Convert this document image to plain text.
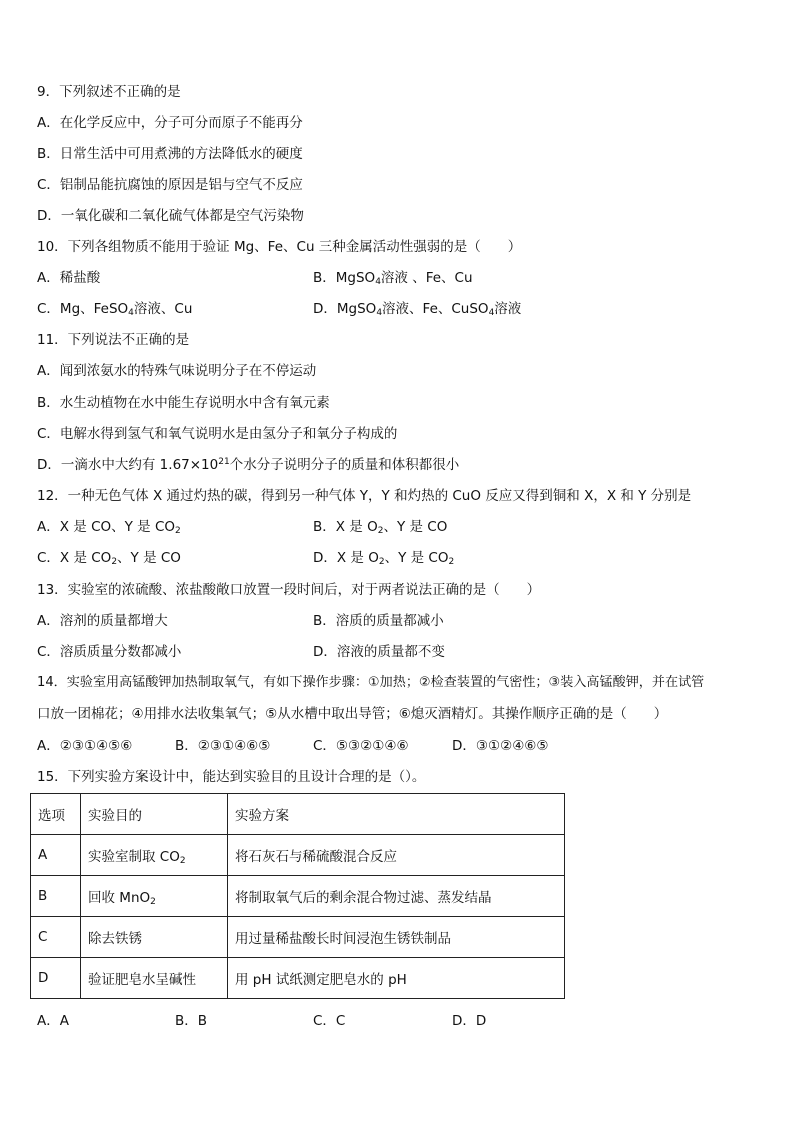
9．下列叙述不正确的是
A．在化学反应中，分子可分而原子不能再分
B．日常生活中可用煮沸的方法降低水的硬度
C．铝制品能抗腐蚀的原因是铝与空气不反应
D．一氧化碳和二氧化硫气体都是空气污染物
10．下列各组物质不能用于验证 Mg、Fe、Cu 三种金属活动性强弱的是（　　）
A．稀盐酸	B．MgSO$_4$溶液 、Fe、Cu
C．Mg、FeSO$_4$溶液、Cu	D．MgSO$_4$溶液、Fe、CuSO$_4$溶液
11．下列说法不正确的是
A．闻到浓氨水的特殊气味说明分子在不停运动
B．水生动植物在水中能生存说明水中含有氧元素
C．电解水得到氢气和氧气说明水是由氢分子和氧分子构成的
D．一滴水中大约有 $1.67\times 10^{21}$个水分子说明分子的质量和体积都很小
12．一种无色气体 X 通过灼热的碳，得到另一种气体 Y，Y 和灼热的 CuO 反应又得到铜和 X，X 和 Y 分别是
A．X 是 CO、Y 是 $CO_2$	B．X 是 $O_2$、Y 是 CO
C．X 是 $CO_2$、Y 是 CO	D．X 是 $O_2$、Y 是 $CO_2$
13．实验室的浓硫酸、浓盐酸敞口放置一段时间后，对于两者说法正确的是（　　）
A．溶剂的质量都增大	B．溶质的质量都减小
C．溶质质量分数都减小	D．溶液的质量都不变
14．实验室用高锰酸钾加热制取氧气，有如下操作步骤：①加热；②检查装置的气密性；③装入高锰酸钾，并在试管
口放一团棉花；④用排水法收集氧气；⑤从水槽中取出导管；⑥熄灭酒精灯。其操作顺序正确的是（　　）
A．②③①④⑤⑥	B．②③①④⑥⑤	C．⑤③②①④⑥	D．③①②④⑥⑤
15．下列实验方案设计中，能达到实验目的且设计合理的是（）。
选项	实验目的	实验方案
A	实验室制取 $CO_2$	将石灰石与稀硫酸混合反应
B	回收 MnO$_2$	将制取氧气后的剩余混合物过滤、蒸发结晶
C	除去铁锈	用过量稀盐酸长时间浸泡生锈铁制品
D	验证肥皂水呈碱性	用 pH 试纸测定肥皂水的 pH
A．A	B．B	C．C	D．D
